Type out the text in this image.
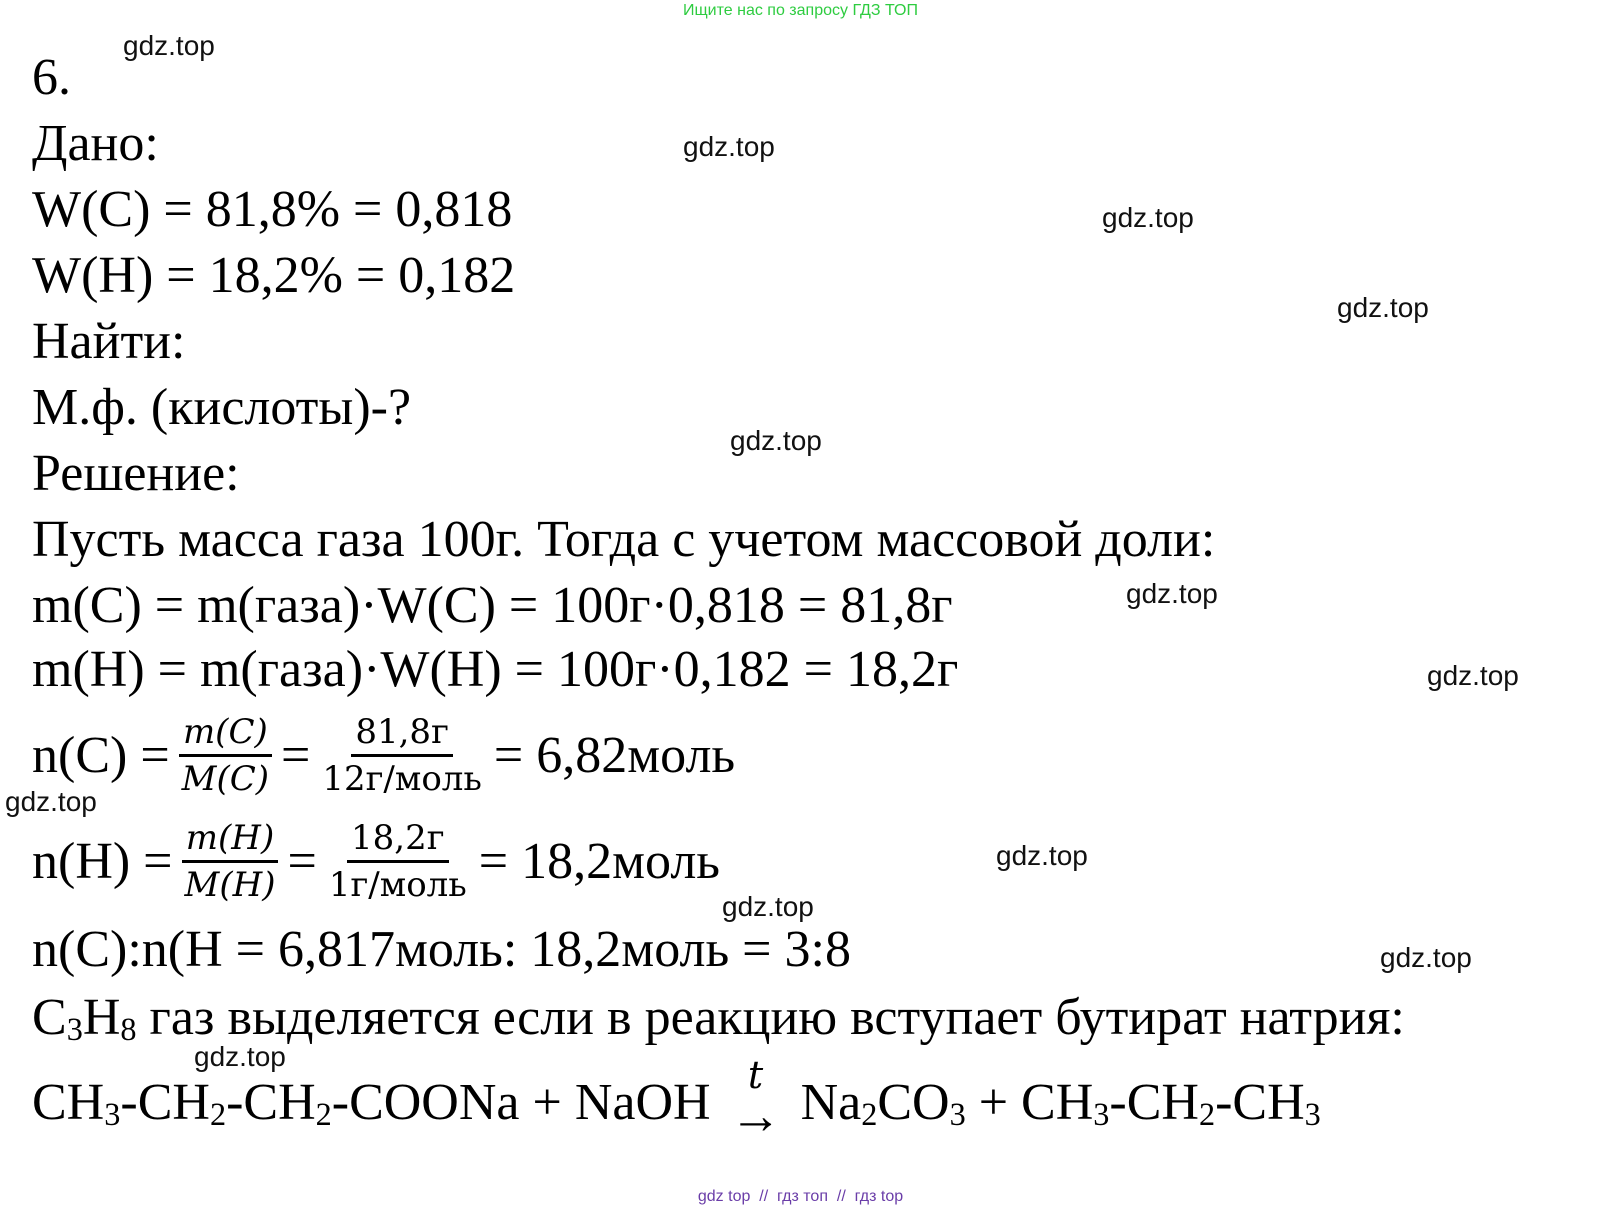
Ищите нас по запросу ГДЗ ТОП
gdz.top
gdz.top
gdz.top
gdz.top
gdz.top
gdz.top
gdz.top
gdz.top
gdz.top
gdz.top
gdz.top
gdz.top
6.
Дано:
W(C) = 81,8% = 0,818
W(H) = 18,2% = 0,182
Найти:
М.ф. (кислоты)-?
Решение:
Пусть масса газа 100г. Тогда с учетом массовой доли:
m(C) = m(газа)·W(C) = 100г·0,818 = 81,8г
m(H) = m(газа)·W(H) = 100г·0,182 = 18,2г
$n(C) = \frac{m(C)}{M(C)} = \frac{81,8г}{\text{12г/моль}}$ = 6,82моль
$n(H) = \frac{m(H)}{M(H)} = \frac{18,2г}{\text{1г/моль}}$ = 18,2моль
n(C):n(H = 6,817моль: 18,2моль = 3:8
C3H8 газ выделяется если в реакцию вступает бутират натрия:
CH3-CH2-CH2-COONa + NaOH t
→ Na2CO3 + CH3-CH2-CH3
gdz top  //  гдз топ  //  гдз top
